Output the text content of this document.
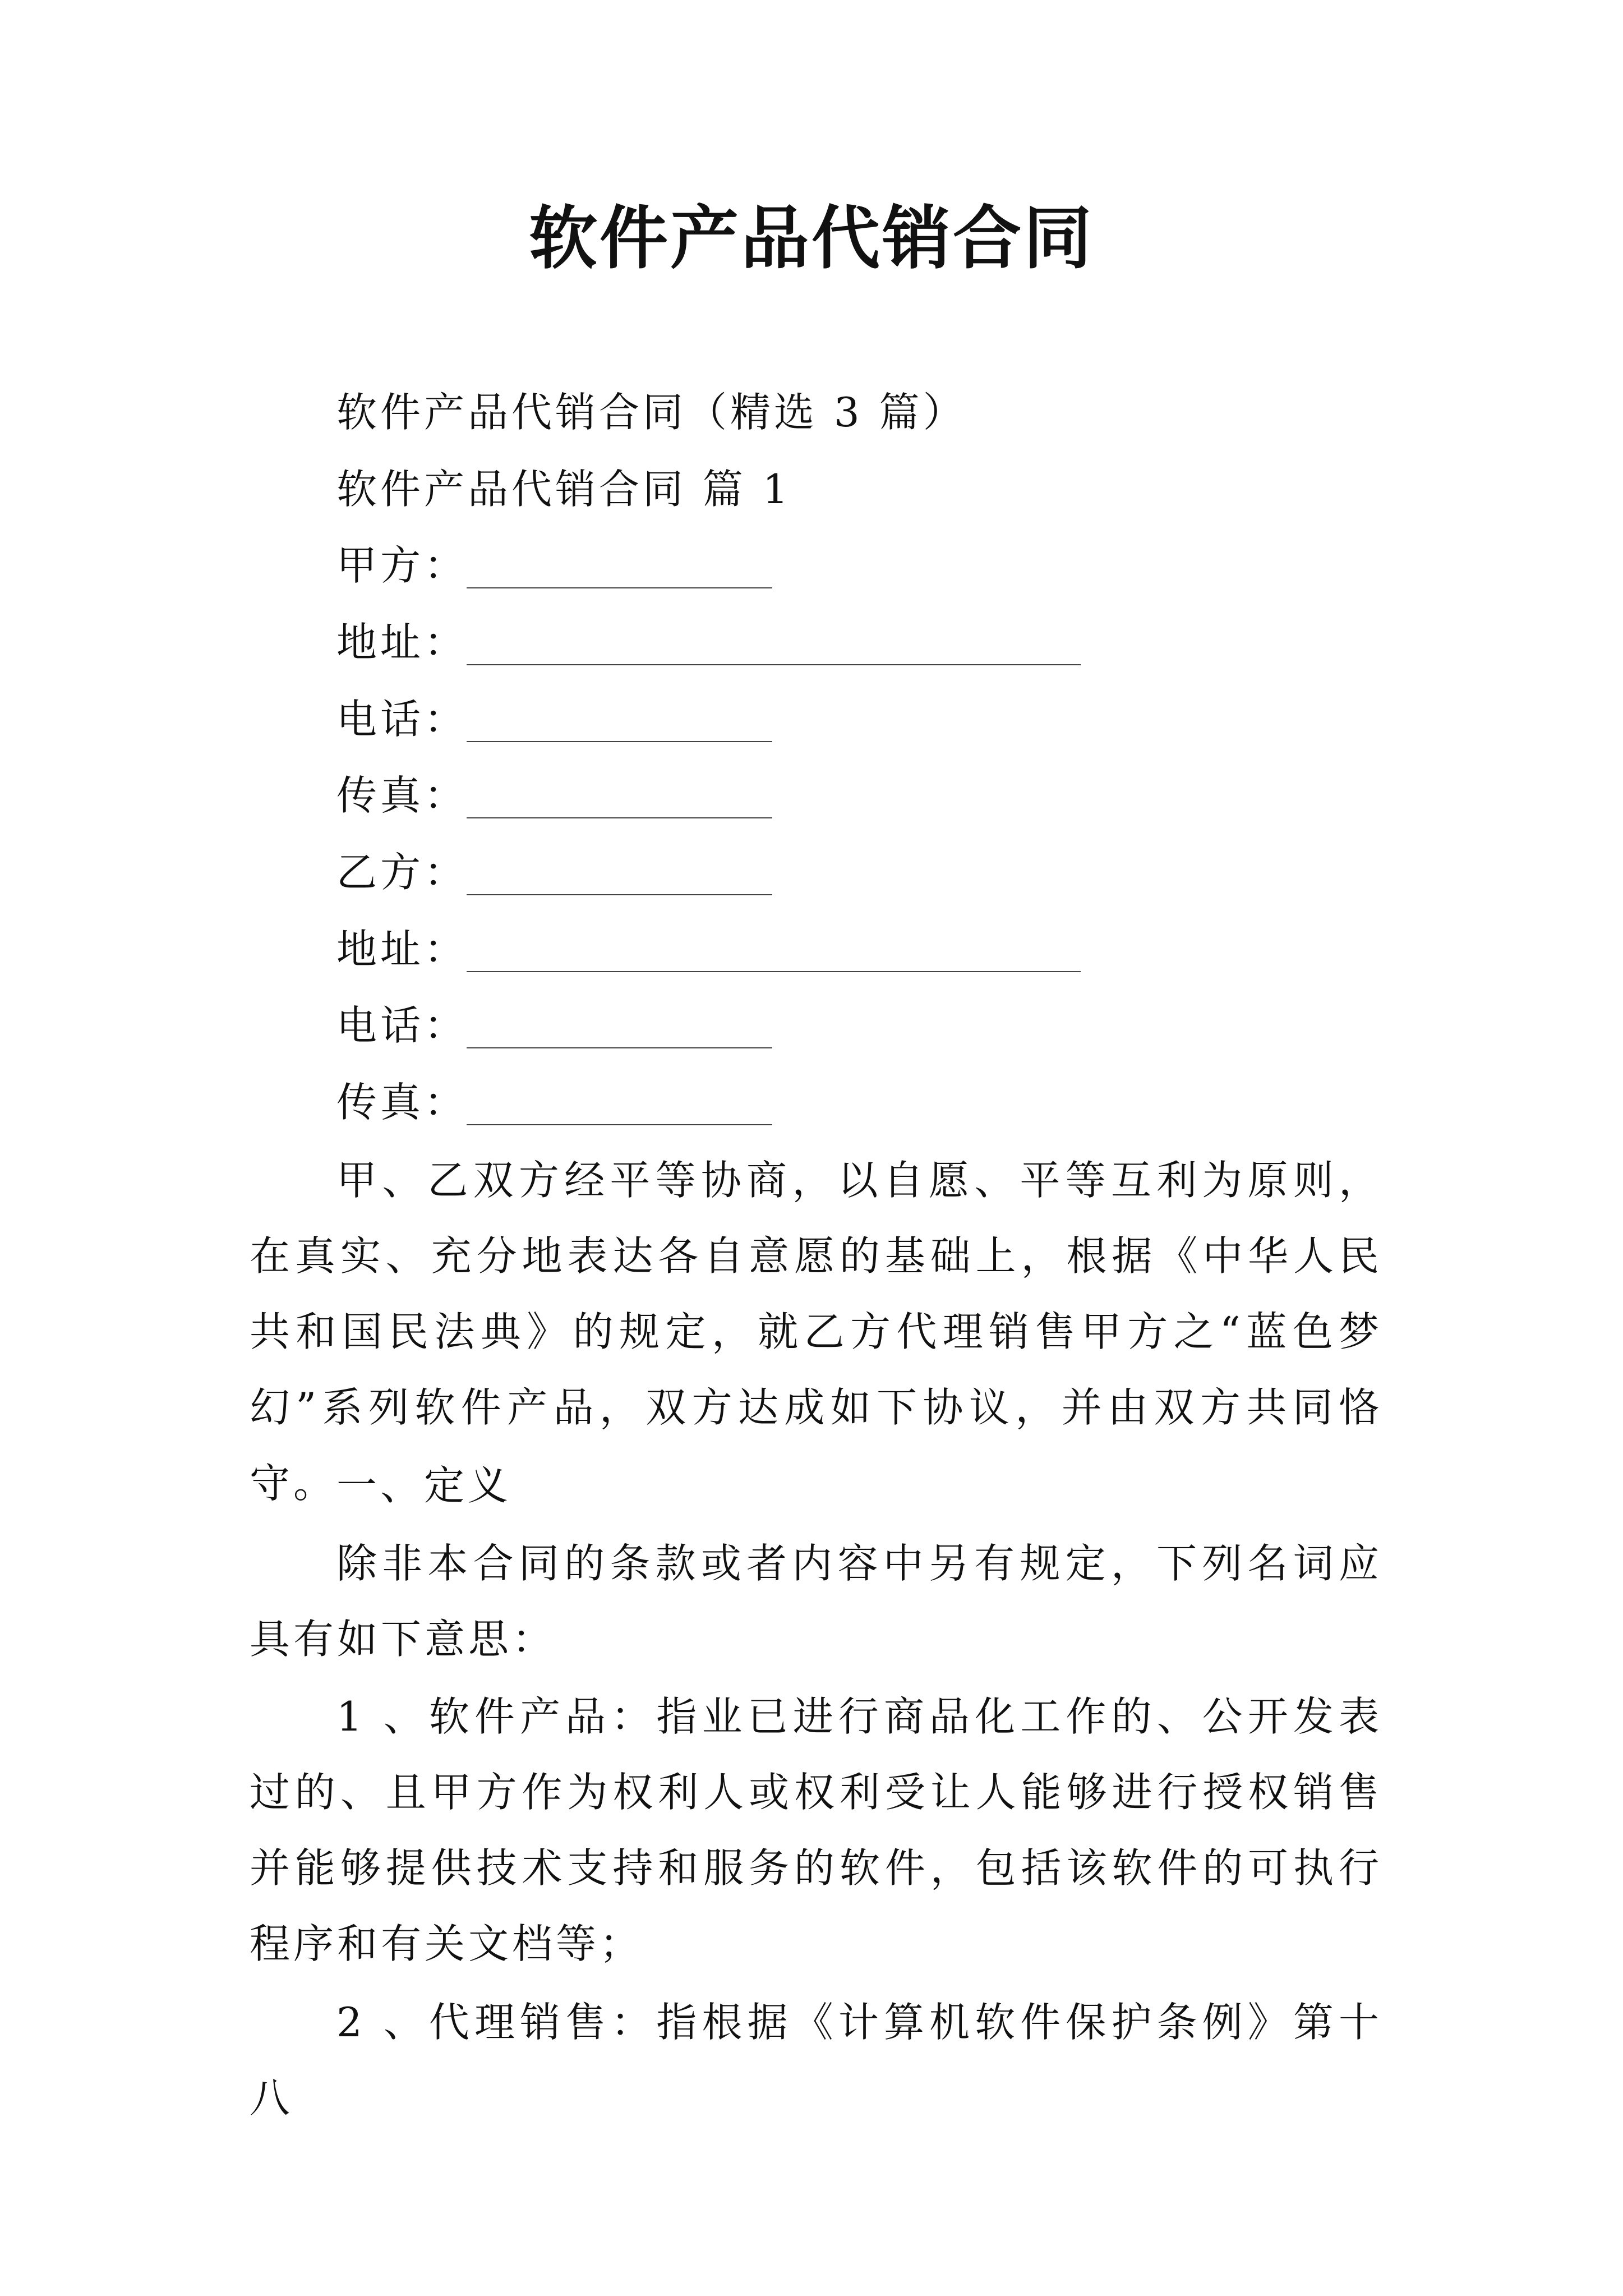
软件产品代销合同
软件产品代销合同（精选 3 篇）
软件产品代销合同 篇 1
甲方：
地址：
电话：
传真：
乙方：
地址：
电话：
传真：

甲、乙双方经平等协商，以自愿、平等互利为原则，在真实、充分地表达各自意愿的基础上，根据《中华人民共和国民法典》的规定，就乙方代理销售甲方之“蓝色梦幻”系列软件产品，双方达成如下协议，并由双方共同恪守。

一、定义

除非本合同的条款或者内容中另有规定，下列名词应具有如下意思：

1 、软件产品：指业已进行商品化工作的、公开发表过的、且甲方作为权利人或权利受让人能够进行授权销售并能够提供技术支持和服务的软件，包括该软件的可执行程序和有关文档等；

2 、代理销售：指根据《计算机软件保护条例》第十八
